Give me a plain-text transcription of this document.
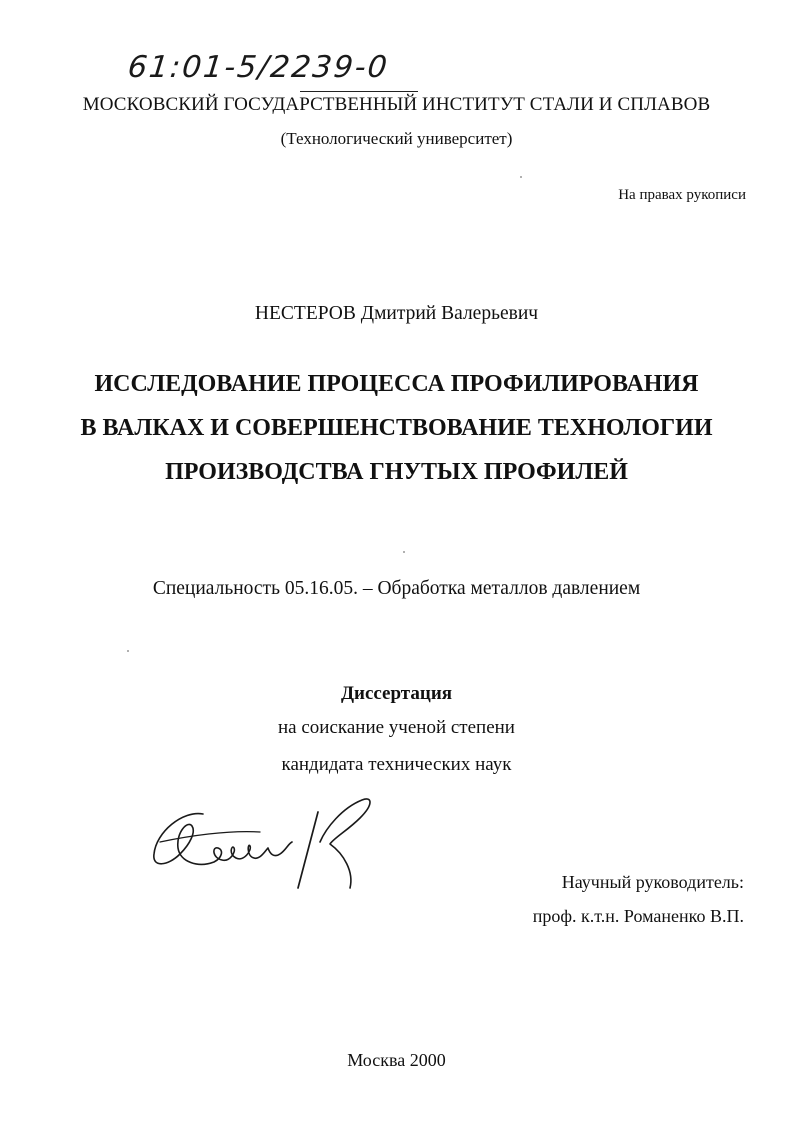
61:01-5/2239-0
МОСКОВСКИЙ ГОСУДАРСТВЕННЫЙ ИНСТИТУТ СТАЛИ И СПЛАВОВ
(Технологический университет)
На правах рукописи
НЕСТЕРОВ Дмитрий Валерьевич
ИССЛЕДОВАНИЕ ПРОЦЕССА ПРОФИЛИРОВАНИЯ
В ВАЛКАХ И СОВЕРШЕНСТВОВАНИЕ ТЕХНОЛОГИИ
ПРОИЗВОДСТВА ГНУТЫХ ПРОФИЛЕЙ
Специальность 05.16.05. – Обработка металлов давлением
Диссертация
на соискание ученой степени
кандидата технических наук
Научный руководитель:
проф. к.т.н. Романенко В.П.
Москва 2000
